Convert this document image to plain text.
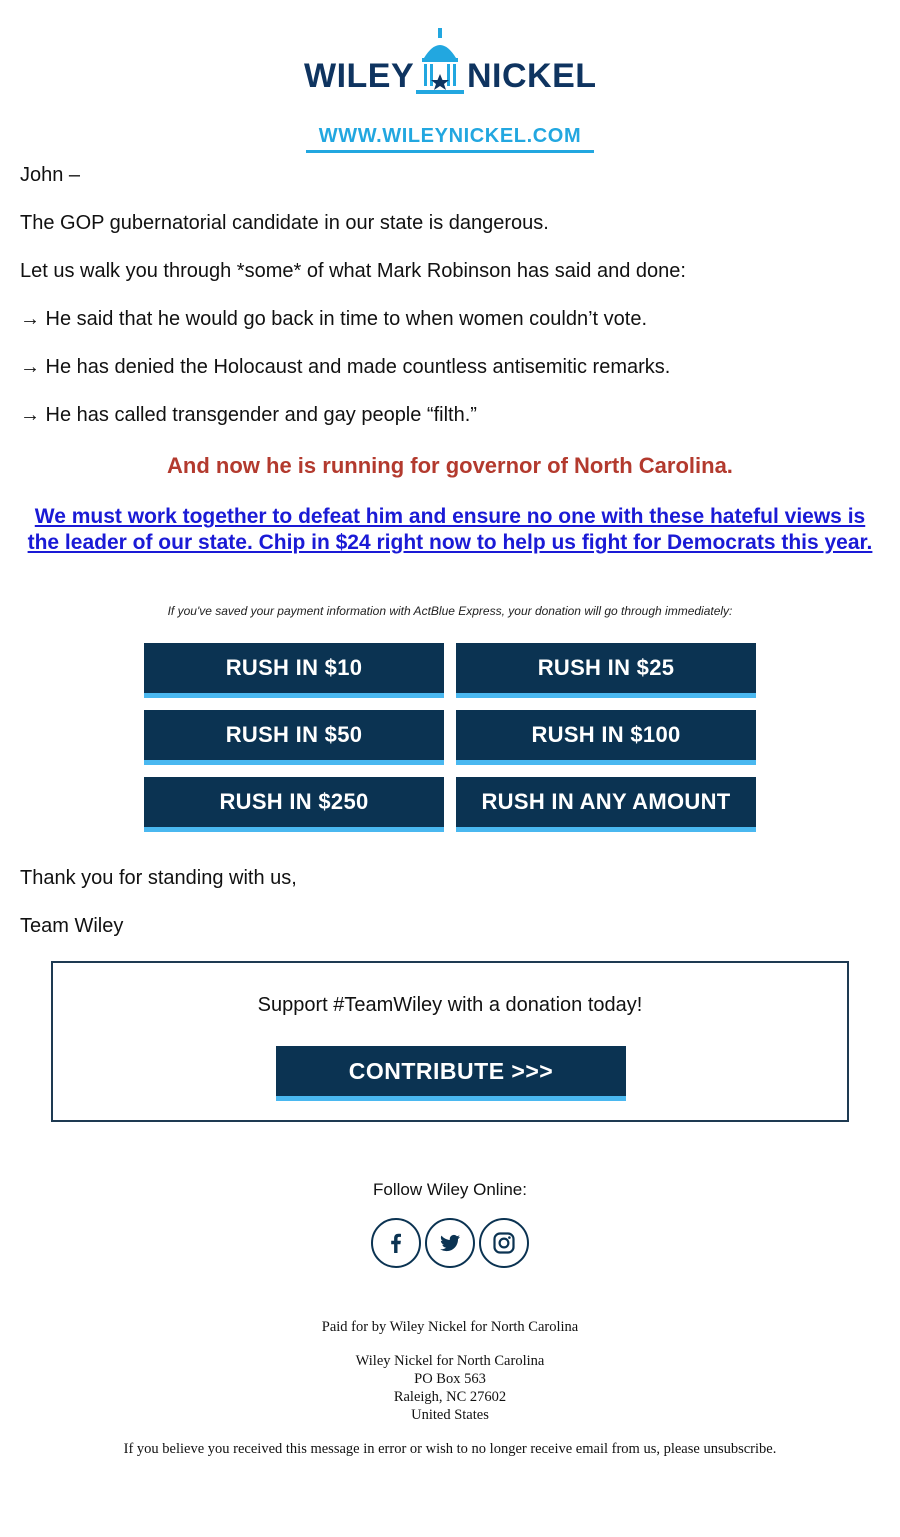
WILEY NICKEL
WWW.WILEYNICKEL.COM
John –
The GOP gubernatorial candidate in our state is dangerous.
Let us walk you through *some* of what Mark Robinson has said and done:
→ He said that he would go back in time to when women couldn’t vote.
→ He has denied the Holocaust and made countless antisemitic remarks.
→ He has called transgender and gay people “filth.”
And now he is running for governor of North Carolina.
We must work together to defeat him and ensure no one with these hateful views is the leader of our state. Chip in $24 right now to help us fight for Democrats this year.
If you've saved your payment information with ActBlue Express, your donation will go through immediately:
RUSH IN $10	RUSH IN $25
RUSH IN $50	RUSH IN $100
RUSH IN $250	RUSH IN ANY AMOUNT
Thank you for standing with us,
Team Wiley
Support #TeamWiley with a donation today!
CONTRIBUTE >>>
Follow Wiley Online:
Paid for by Wiley Nickel for North Carolina
Wiley Nickel for North Carolina
PO Box 563
Raleigh, NC 27602
United States
If you believe you received this message in error or wish to no longer receive email from us, please unsubscribe.
